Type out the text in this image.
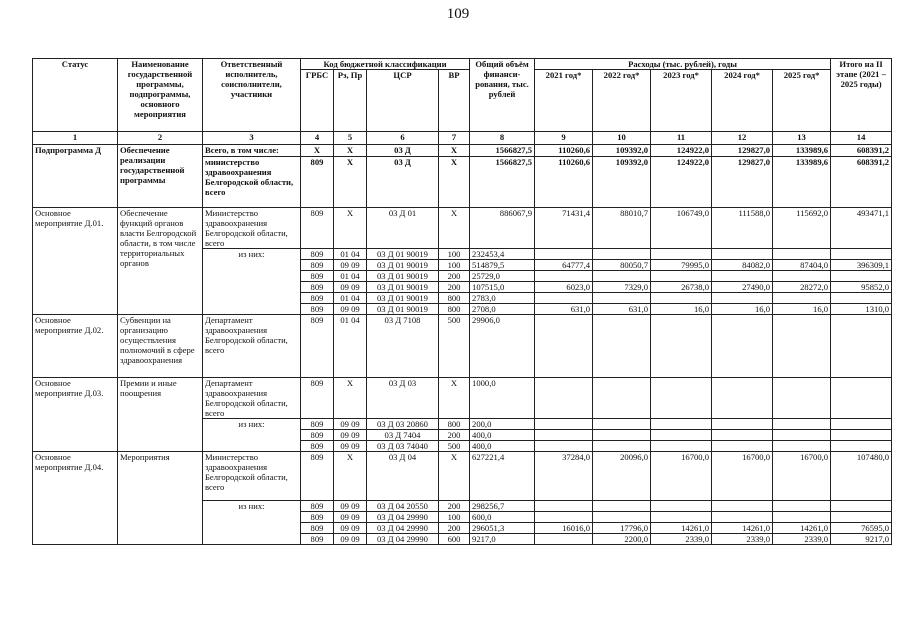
109
Статус	Наименование государственной программы, подпрограммы, основного мероприятия	Ответственный исполнитель, соисполнители, участники	Код бюджетной классификации				Общий объём финанси-рования, тыс. рублей	Расходы (тыс. рублей), годы					Итого на II этапе (2021 – 2025 годы)
			ГРБС	Рз, Пр	ЦСР	ВР		2021 год*	2022 год*	2023 год*	2024 год*	2025 год*	
1	2	3	4	5	6	7	8	9	10	11	12	13	14
Подпрограмма Д	Обеспечение реализации государственной программы	Всего, в том числе:	Х	Х	03 Д	Х	1566827,5	110260,6	109392,0	124922,0	129827,0	133989,6	608391,2
		министерство здравоохранения Белгородской области, всего	809	Х	03 Д	Х	1566827,5	110260,6	109392,0	124922,0	129827,0	133989,6	608391,2
Основное мероприятие Д.01.	Обеспечение функций органов власти Белгородской области, в том числе территориальных органов	Министерство здравоохранения Белгородской области, всего	809	Х	03 Д 01	Х	886067,9	71431,4	88010,7	106749,0	111588,0	115692,0	493471,1
		из них:	809	01 04	03 Д 01 90019	100	232453,4						
			809	09 09	03 Д 01 90019	100	514879,5	64777,4	80050,7	79995,0	84082,0	87404,0	396309,1
			809	01 04	03 Д 01 90019	200	25729,0						
			809	09 09	03 Д 01 90019	200	107515,0	6023,0	7329,0	26738,0	27490,0	28272,0	95852,0
			809	01 04	03 Д 01 90019	800	2783,0						
			809	09 09	03 Д 01 90019	800	2708,0	631,0	631,0	16,0	16,0	16,0	1310,0
Основное мероприятие Д.02.	Субвенции на организацию осуществления полномочий в сфере здравоохранения	Департамент здравоохранения Белгородской области, всего	809	01 04	03 Д 7108	500	29906,0						
Основное мероприятие Д.03.	Премии и иные поощрения	Департамент здравоохранения Белгородской области, всего	809	Х	03 Д 03	Х	1000,0						
		из них:	809	09 09	03 Д 03 20860	800	200,0						
			809	09 09	03 Д 7404	200	400,0						
			809	09 09	03 Д 03 74040	500	400,0						
Основное мероприятие Д.04.	Мероприятия	Министерство здравоохранения Белгородской области, всего	809	Х	03 Д 04	Х	627221,4	37284,0	20096,0	16700,0	16700,0	16700,0	107480,0
		из них:	809	09 09	03 Д 04 20550	200	298256,7						
			809	09 09	03 Д 04 29990	100	600,0						
			809	09 09	03 Д 04 29990	200	296051,3	16016,0	17796,0	14261,0	14261,0	14261,0	76595,0
			809	09 09	03 Д 04 29990	600	9217,0		2200,0	2339,0	2339,0	2339,0	9217,0
